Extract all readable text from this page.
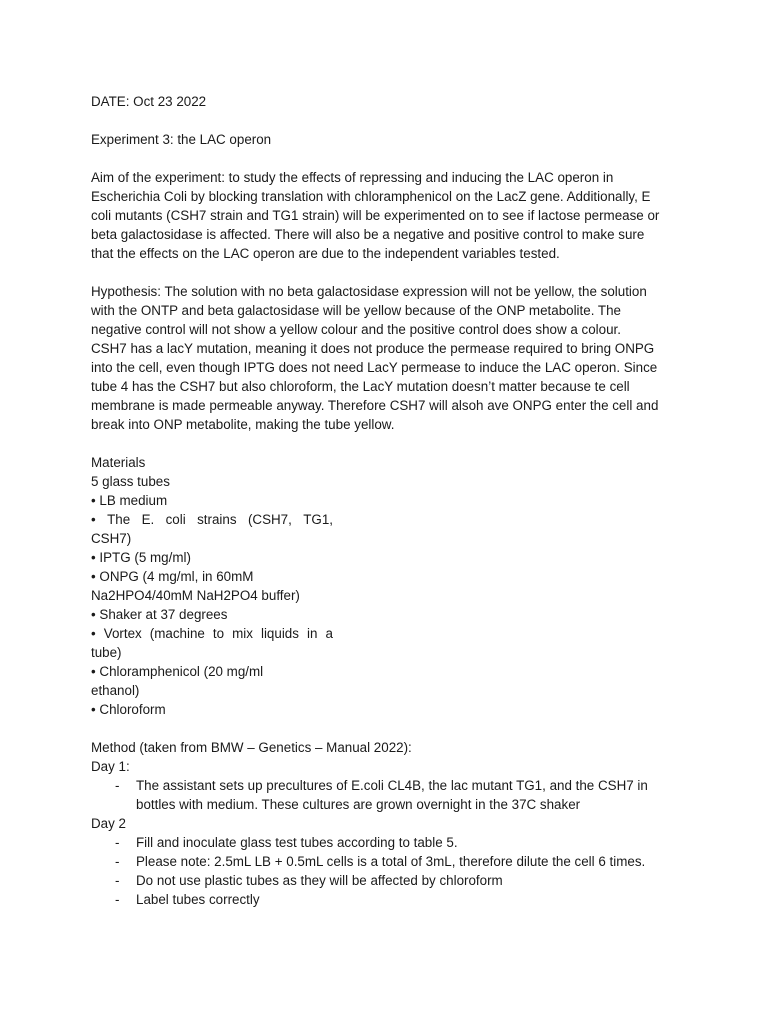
DATE: Oct 23 2022
Experiment 3: the LAC operon
Aim of the experiment: to study the effects of repressing and inducing the LAC operon in
Escherichia Coli by blocking translation with chloramphenicol on the LacZ gene. Additionally, E
coli mutants (CSH7 strain and TG1 strain) will be experimented on to see if lactose permease or
beta galactosidase is affected. There will also be a negative and positive control to make sure
that the effects on the LAC operon are due to the independent variables tested.
Hypothesis: The solution with no beta galactosidase expression will not be yellow, the solution
with the ONTP and beta galactosidase will be yellow because of the ONP metabolite. The
negative control will not show a yellow colour and the positive control does show a colour.
CSH7 has a lacY mutation, meaning it does not produce the permease required to bring ONPG
into the cell, even though IPTG does not need LacY permease to induce the LAC operon. Since
tube 4 has the CSH7 but also chloroform, the LacY mutation doesn’t matter because te cell
membrane is made permeable anyway. Therefore CSH7 will alsoh ave ONPG enter the cell and
break into ONP metabolite, making the tube yellow.
Materials
5 glass tubes
• LB medium
• The E. coli strains (CSH7, TG1,
CSH7)
• IPTG (5 mg/ml)
• ONPG (4 mg/ml, in 60mM
Na2HPO4/40mM NaH2PO4 buffer)
• Shaker at 37 degrees
• Vortex (machine to mix liquids in a
tube)
• Chloramphenicol (20 mg/ml
ethanol)
• Chloroform
Method (taken from BMW – Genetics – Manual 2022):
Day 1:
- The assistant sets up precultures of E.coli CL4B, the lac mutant TG1, and the CSH7 in
bottles with medium. These cultures are grown overnight in the 37C shaker
Day 2
- Fill and inoculate glass test tubes according to table 5.
- Please note: 2.5mL LB + 0.5mL cells is a total of 3mL, therefore dilute the cell 6 times.
- Do not use plastic tubes as they will be affected by chloroform
- Label tubes correctly
